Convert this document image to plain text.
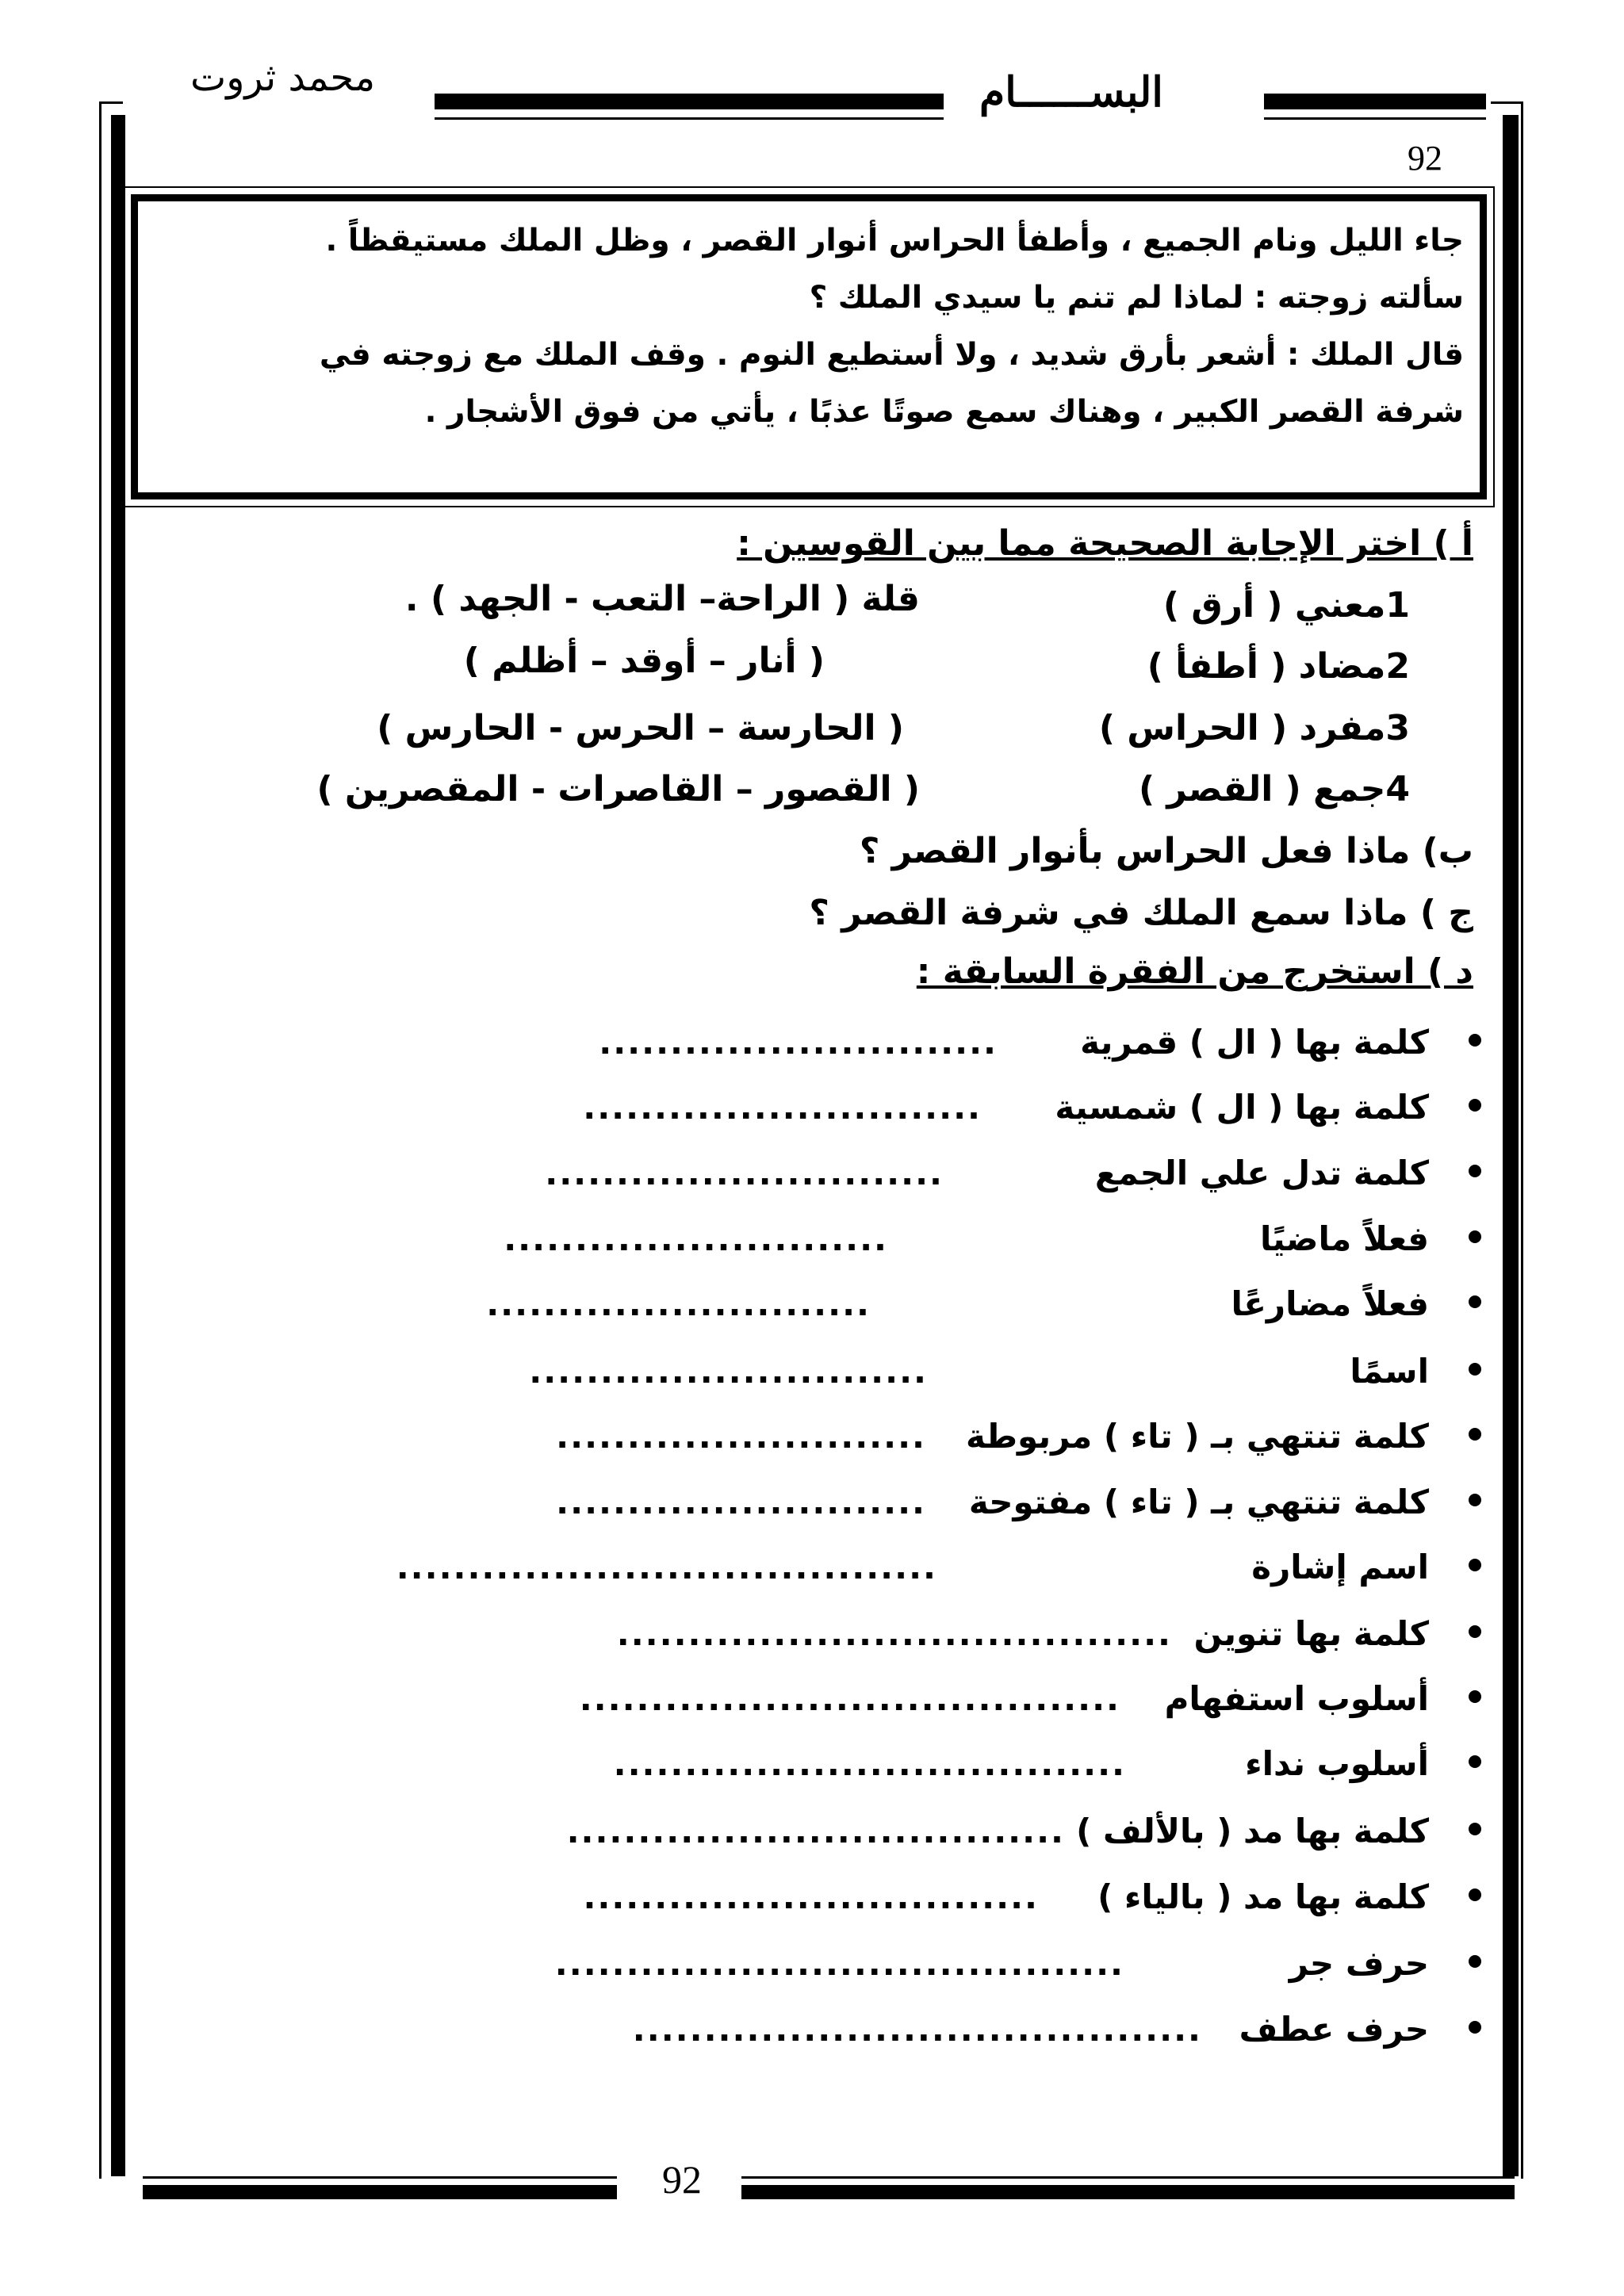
محمد ثروت	البســــــام
92
جاء الليل ونام الجميع ، وأطفأ الحراس أنوار القصر ، وظل الملك مستيقظاً .
سألته زوجته : لماذا لم تنم يا سيدي الملك ؟
قال الملك : أشعر بأرق شديد ، ولا أستطيع النوم . وقف الملك مع زوجته في
شرفة القصر الكبير ، وهناك سمع صوتًا عذبًا ، يأتي من فوق الأشجار .
أ ) اختر الإجابة الصحيحة مما بين القوسين :
1معني ( أرق )
قلة ( الراحة– التعب - الجهد ) .
2مضاد ( أطفأ )
( أنار – أوقد – أظلم )
3مفرد ( الحراس )
( الحارسة – الحرس - الحارس )
4جمع ( القصر )
( القصور – القاصرات - المقصرين )
ب) ماذا فعل الحراس بأنوار القصر ؟
ج ) ماذا سمع الملك في شرفة القصر ؟
د ) استخرج من الفقرة السابقة :
كلمة بها ( ال ) قمرية
............................
كلمة بها ( ال ) شمسية
............................
كلمة تدل علي الجمع
............................
فعلاً ماضيًا
...........................
فعلاً مضارعًا
...........................
اسمًا
............................
كلمة تنتهي بـ ( تاء ) مربوطة
..........................
كلمة تنتهي بـ ( تاء ) مفتوحة
..........................
اسم إشارة
......................................
كلمة بها تنوين
.......................................
أسلوب استفهام
......................................
أسلوب نداء
....................................
كلمة بها مد ( بالألف )
...................................
كلمة بها مد ( بالياء )
................................
حرف جر
........................................
حرف عطف
........................................
92
